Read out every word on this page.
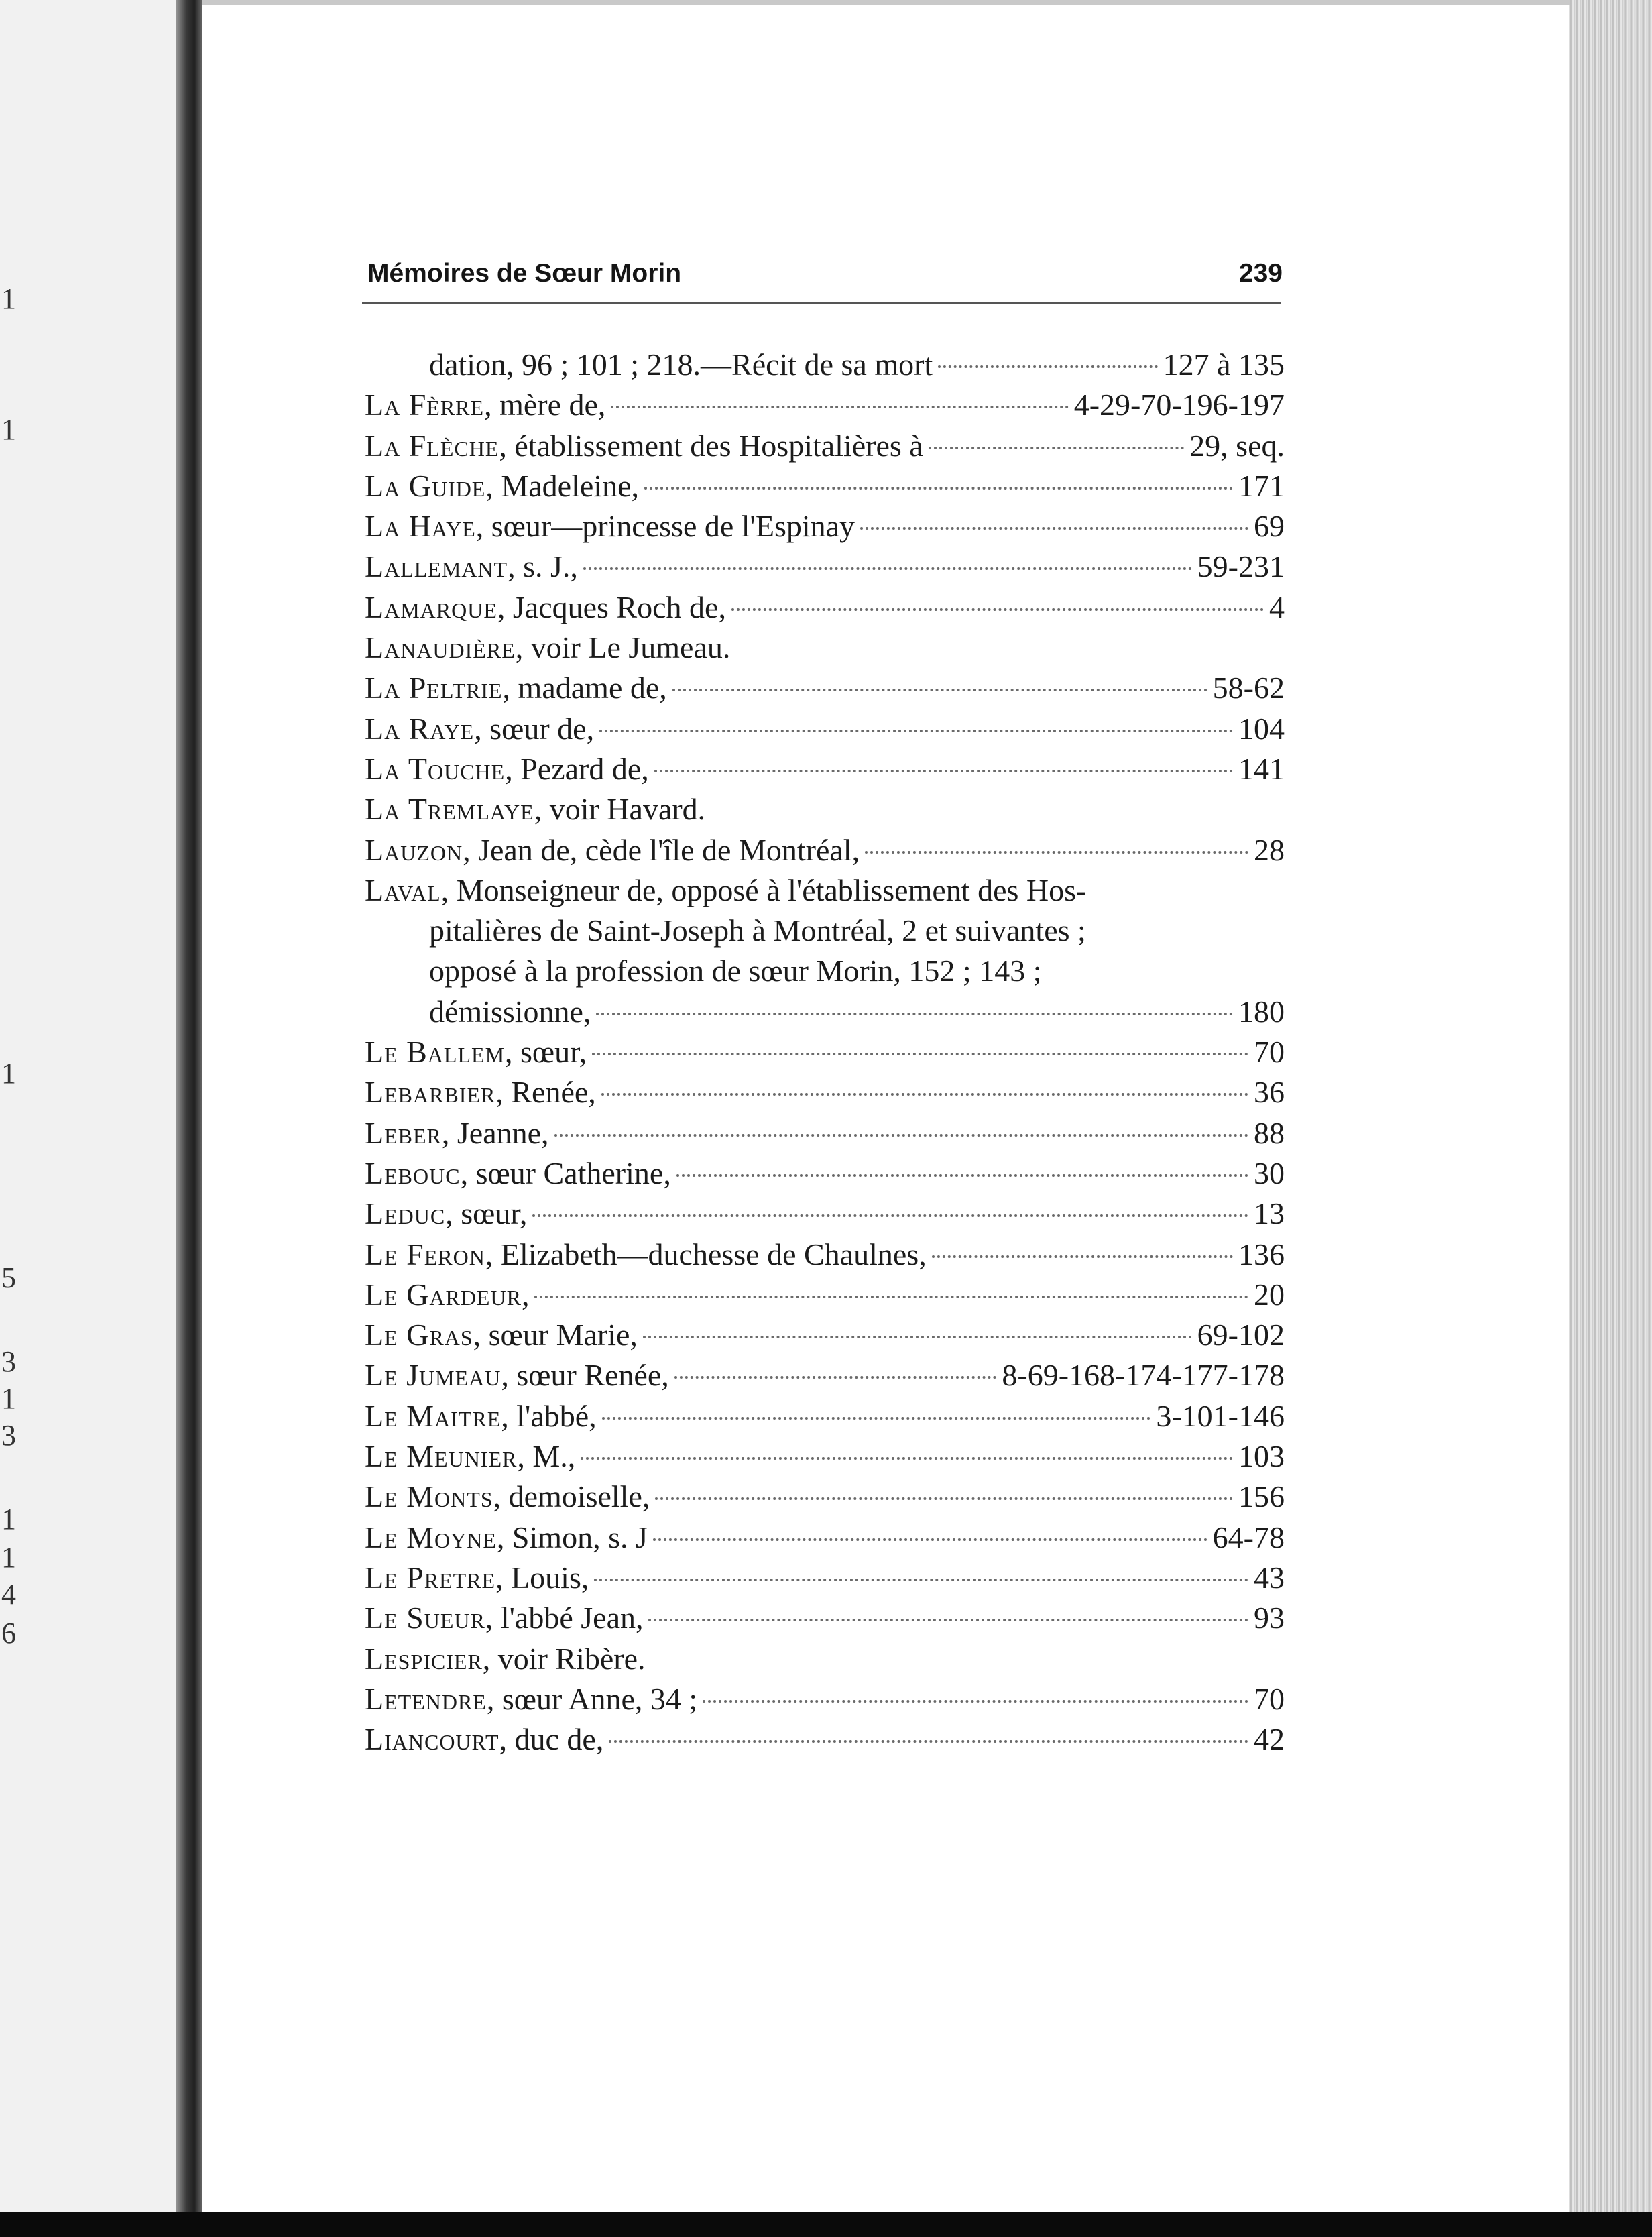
1
1
1
5
3
1
3
1
1
4
6
Mémoires de Sœur Morin	239
dation, 96 ; 101 ; 218.—Récit de sa mort	127 à 135
La Fèrre, mère de,	4-29-70-196-197
La Flèche, établissement des Hospitalières à	29, seq.
La Guide, Madeleine,	171
La Haye, sœur—princesse de l'Espinay	69
Lallemant, s. J.,	59-231
Lamarque, Jacques Roch de,	4
Lanaudière, voir Le Jumeau.
La Peltrie, madame de,	58-62
La Raye, sœur de,	104
La Touche, Pezard de,	141
La Tremlaye, voir Havard.
Lauzon, Jean de, cède l'île de Montréal,	28
Laval, Monseigneur de, opposé à l'établissement des Hos-
pitalières de Saint-Joseph à Montréal, 2 et suivantes ;
opposé à la profession de sœur Morin, 152 ; 143 ;
démissionne,	180
Le Ballem, sœur,	70
Lebarbier, Renée,	36
Leber, Jeanne,	88
Lebouc, sœur Catherine,	30
Leduc, sœur,	13
Le Feron, Elizabeth—duchesse de Chaulnes,	136
Le Gardeur,	20
Le Gras, sœur Marie,	69-102
Le Jumeau, sœur Renée,	8-69-168-174-177-178
Le Maitre, l'abbé,	3-101-146
Le Meunier, M.,	103
Le Monts, demoiselle,	156
Le Moyne, Simon, s. J	64-78
Le Pretre, Louis,	43
Le Sueur, l'abbé Jean,	93
Lespicier, voir Ribère.
Letendre, sœur Anne, 34 ;	70
Liancourt, duc de,	42
